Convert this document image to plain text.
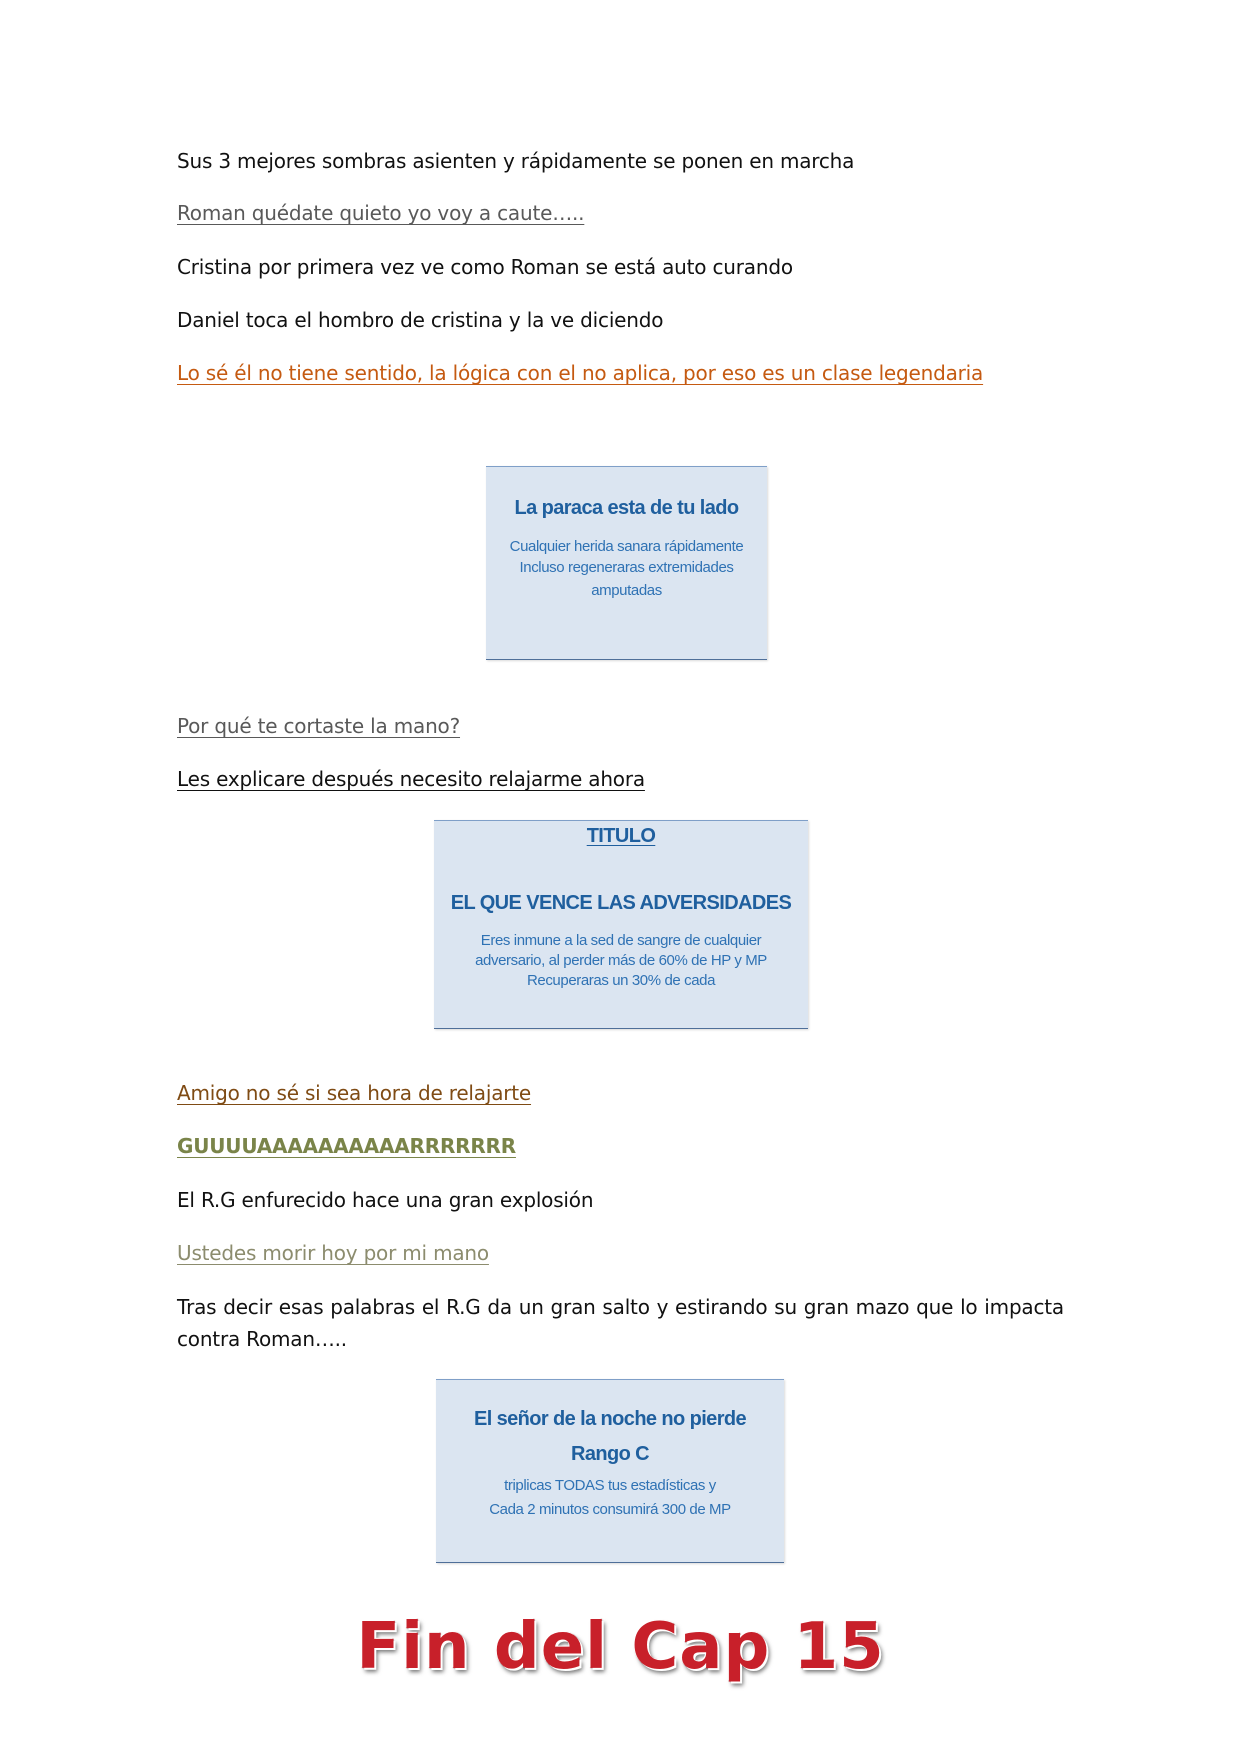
Sus 3 mejores sombras asienten y rápidamente se ponen en marcha

Roman quédate quieto yo voy a caute…..

Cristina por primera vez ve como Roman se está auto curando

Daniel toca el hombro de cristina y la ve diciendo

Lo sé él no tiene sentido, la lógica con el no aplica, por eso es un clase legendaria

La paraca esta de tu lado
Cualquier herida sanara rápidamente
Incluso regeneraras extremidades
amputadas

Por qué te cortaste la mano?

Les explicare después necesito relajarme ahora

TITULO
EL QUE VENCE LAS ADVERSIDADES
Eres inmune a la sed de sangre de cualquier
adversario, al perder más de 60% de HP y MP
Recuperaras un 30% de cada

Amigo no sé si sea hora de relajarte

GUUUUAAAAAAAAAARRRRRRR

El R.G enfurecido hace una gran explosión

Ustedes morir hoy por mi mano

Tras decir esas palabras el R.G da un gran salto y estirando su gran mazo que lo impacta contra Roman…..

El señor de la noche no pierde
Rango C
triplicas TODAS tus estadísticas y
Cada 2 minutos consumirá 300 de MP
Fin del Cap 15
